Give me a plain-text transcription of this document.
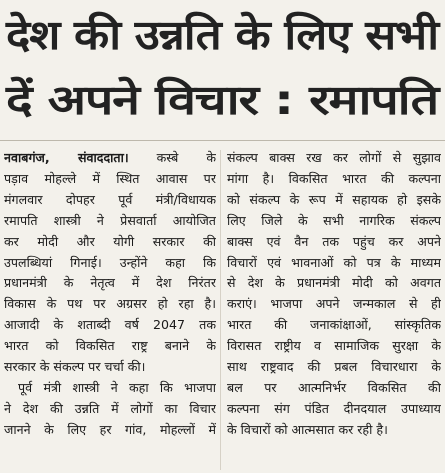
देश की उन्नति के लिए सभी
दें अपने विचार : रमापति
नवाबगंज, संवाददाता। कस्बे के
पड़ाव मोहल्ले में स्थित आवास पर
मंगलवार दोपहर पूर्व मंत्री/विधायक
रमापति शास्त्री ने प्रेसवार्ता आयोजित
कर मोदी और योगी सरकार की
उपलब्धियां गिनाई। उन्होंने कहा कि
प्रधानमंत्री के नेतृत्व में देश निरंतर
विकास के पथ पर अग्रसर हो रहा है।
आजादी के शताब्दी वर्ष 2047 तक
भारत को विकसित राष्ट्र बनाने के
सरकार के संकल्प पर चर्चा की।
पूर्व मंत्री शास्त्री ने कहा कि भाजपा
ने देश की उन्नति में लोगों का विचार
जानने के लिए हर गांव, मोहल्लों में
संकल्प बाक्स रख कर लोगों से सुझाव
मांगा है। विकसित भारत की कल्पना
को संकल्प के रूप में सहायक हो इसके
लिए जिले के सभी नागरिक संकल्प
बाक्स एवं वैन तक पहुंच कर अपने
विचारों एवं भावनाओं को पत्र के माध्यम
से देश के प्रधानमंत्री मोदी को अवगत
कराएं। भाजपा अपने जन्मकाल से ही
भारत की जनाकांक्षाओं, सांस्कृतिक
विरासत राष्ट्रीय व सामाजिक सुरक्षा के
साथ राष्ट्रवाद की प्रबल विचारधारा के
बल पर आत्मनिर्भर विकसित की
कल्पना संग पंडित दीनदयाल उपाध्याय
के विचारों को आत्मसात कर रही है।
